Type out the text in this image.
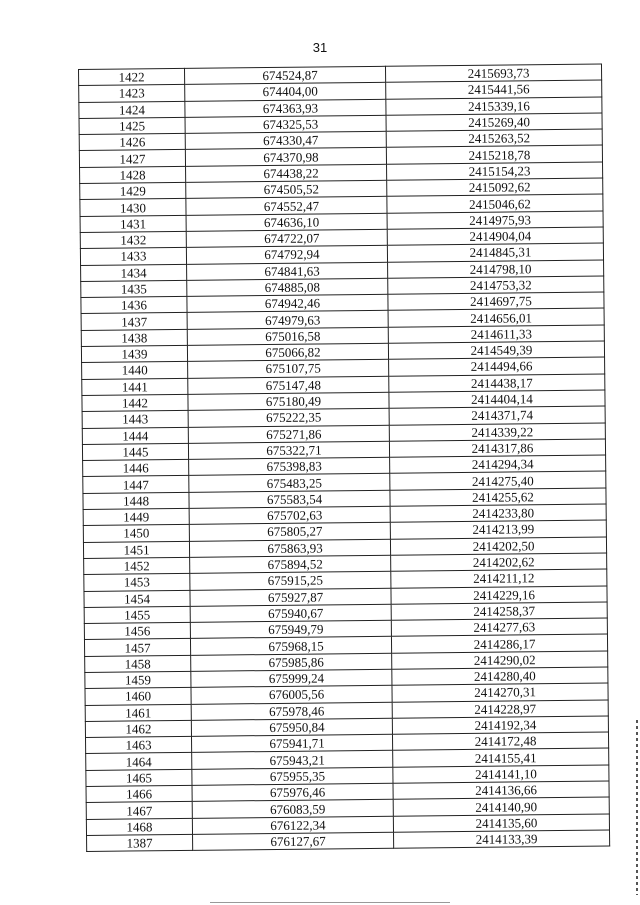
31
1422	674524,87	2415693,73
1423	674404,00	2415441,56
1424	674363,93	2415339,16
1425	674325,53	2415269,40
1426	674330,47	2415263,52
1427	674370,98	2415218,78
1428	674438,22	2415154,23
1429	674505,52	2415092,62
1430	674552,47	2415046,62
1431	674636,10	2414975,93
1432	674722,07	2414904,04
1433	674792,94	2414845,31
1434	674841,63	2414798,10
1435	674885,08	2414753,32
1436	674942,46	2414697,75
1437	674979,63	2414656,01
1438	675016,58	2414611,33
1439	675066,82	2414549,39
1440	675107,75	2414494,66
1441	675147,48	2414438,17
1442	675180,49	2414404,14
1443	675222,35	2414371,74
1444	675271,86	2414339,22
1445	675322,71	2414317,86
1446	675398,83	2414294,34
1447	675483,25	2414275,40
1448	675583,54	2414255,62
1449	675702,63	2414233,80
1450	675805,27	2414213,99
1451	675863,93	2414202,50
1452	675894,52	2414202,62
1453	675915,25	2414211,12
1454	675927,87	2414229,16
1455	675940,67	2414258,37
1456	675949,79	2414277,63
1457	675968,15	2414286,17
1458	675985,86	2414290,02
1459	675999,24	2414280,40
1460	676005,56	2414270,31
1461	675978,46	2414228,97
1462	675950,84	2414192,34
1463	675941,71	2414172,48
1464	675943,21	2414155,41
1465	675955,35	2414141,10
1466	675976,46	2414136,66
1467	676083,59	2414140,90
1468	676122,34	2414135,60
1387	676127,67	2414133,39
